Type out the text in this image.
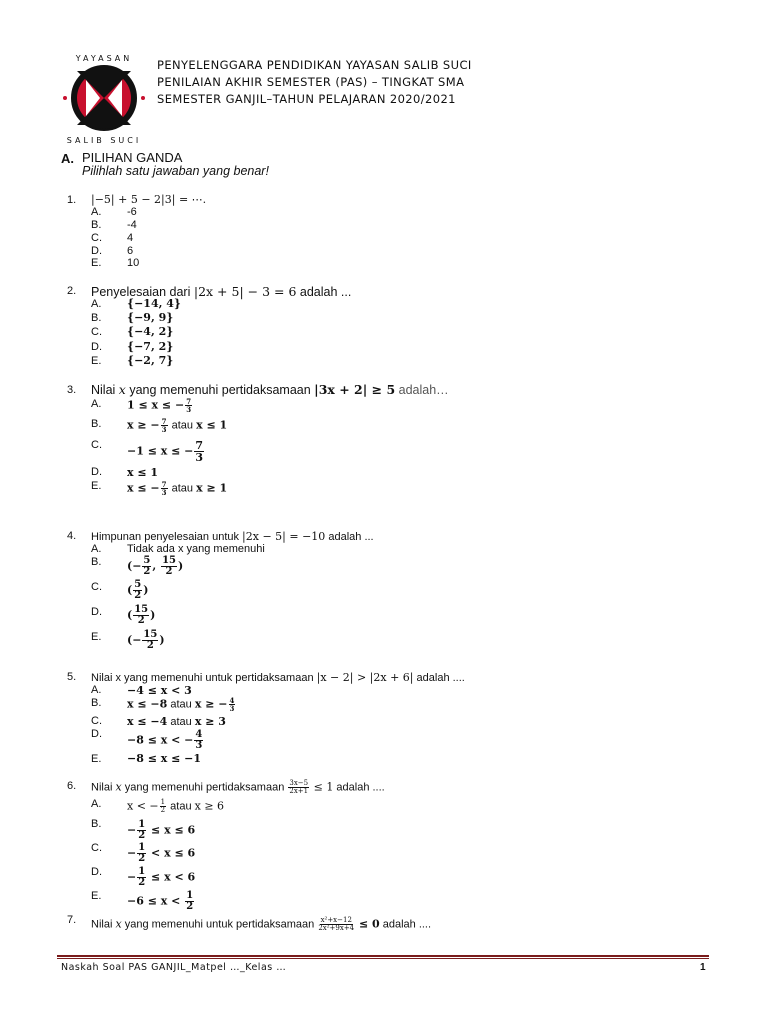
YAYASAN
SALIB SUCI
PENYELENGGARA PENDIDIKAN YAYASAN SALIB SUCI
PENILAIAN AKHIR SEMESTER (PAS) – TINGKAT SMA
SEMESTER GANJIL–TAHUN PELAJARAN 2020/2021
A. PILIHAN GANDA
Pilihlah satu jawaban yang benar!
1. |−5| + 5 − 2|3| = ⋯.
A. -6
B. -4
C. 4
D. 6
E. 10
2. Penyelesaian dari |2x + 5| − 3 = 6 adalah ...
A. {−14, 4}
B. {−9, 9}
C. {−4, 2}
D. {−7, 2}
E. {−2, 7}
3. Nilai x yang memenuhi pertidaksamaan |3x + 2| ≥ 5 adalah…
A. 1 ≤ x ≤ − $\frac{7}{3}$
B. x ≥ − $\frac{7}{3}$ atau x ≤ 1
C. −1 ≤ x ≤ − $\frac{7}{3}$
D. x ≤ 1
E. x ≤ − $\frac{7}{3}$ atau x ≥ 1
4. Himpunan penyelesaian untuk |2x − 5| = −10 adalah ...
A. Tidak ada x yang memenuhi
B. (− $\frac{5}{2}$ , $\frac{15}{2}$ )
C. ( $\frac{5}{2}$ )
D. ( $\frac{15}{2}$ )
E. (− $\frac{15}{2}$ )
5. Nilai x yang memenuhi untuk pertidaksamaan |x − 2| > |2x + 6| adalah ....
A. −4 ≤ x < 3
B. x ≤ −8 atau x ≥ − $\frac{4}{3}$
C. x ≤ −4 atau x ≥ 3
D. −8 ≤ x < − $\frac{4}{3}$
E. −8 ≤ x ≤ −1
6. Nilai x yang memenuhi pertidaksamaan $\frac{3x-5}{2x+1} \le 1$ adalah ....
A. x < − $\frac{1}{2}$ atau x ≥ 6
B. − $\frac{1}{2} \le x \le 6$
C. − $\frac{1}{2} < x \le 6$
D. − $\frac{1}{2} \le x < 6$
E. $-6 \le x < \frac{1}{2}$
7. Nilai x yang memenuhi untuk pertidaksamaan $\frac{\text{x²+x−12}}{\text{2x²+9x+4}} \le 0$ adalah ....
Naskah Soal PAS GANJIL_Matpel …_Kelas …	1
